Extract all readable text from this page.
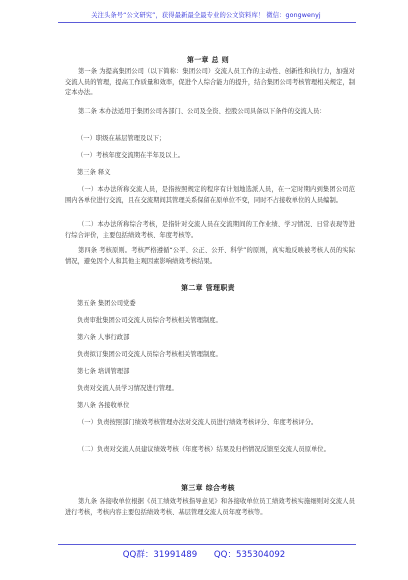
关注头条号“公文研究”，获得最新最全最专业的公文资料库！ 微信：gongwenyj
第一章 总 则
第一条 为提高集团公司（以下简称：集团公司）交流人员工作的主动性、创新性和执行力，加强对交流人员的管理，提高工作质量和效率，促进个人综合能力的提升，结合集团公司考核管理相关规定，制定本办法。
第二条 本办法适用于集团公司各部门、公司及全资、控股公司具备以下条件的交流人员：
（一）职级在基层管理及以下；
（一）考核年度交流期在半年及以上。
第三条 释义
（一）本办法所称交流人员，是指按照规定的程序有计划地选派人员，在一定时期内到集团公司范围内各单位进行交流，且在交流期间其管理关系保留在原单位不变，同时不占接收单位的人员编制。
（二）本办法所称综合考核，是指针对交流人员在交流期间的工作业绩、学习情况、日常表现等进行综合评价，主要包括绩效考核、年度考核等。
第四条 考核原则。考核严格遵循“公平、公正、公开、科学”的原则，真实地反映被考核人员的实际情况，避免因个人和其他主观因素影响绩效考核结果。
第二章 管理职责
第五条 集团公司党委
负责审批集团公司交流人员综合考核相关管理制度。
第六条 人事行政部
负责拟订集团公司交流人员综合考核相关管理制度。
第七条 培训管理部
负责对交流人员学习情况进行管理。
第八条 各接收单位
（一）负责按照部门绩效考核管理办法对交流人员进行绩效考核评分、年度考核评分。
（二）负责对交流人员建议绩效考核（年度考核）结果及归档情况反馈至交流人员原单位。
第三章 综合考核
第九条 各接收单位根据《员工绩效考核指导意见》和各接收单位员工绩效考核实施细则对交流人员进行考核，考核内容主要包括绩效考核、基层管理交流人员年度考核等。
QQ群：31991489 QQ：535304092
